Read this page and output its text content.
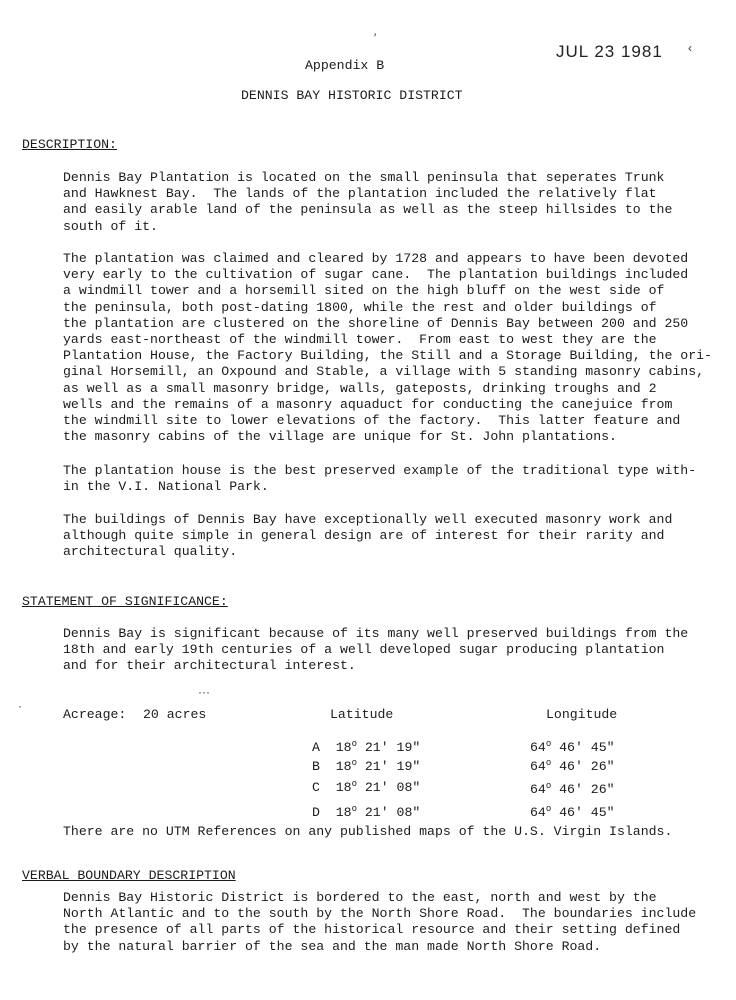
′
‹
JUL 23 1981
Appendix B
DENNIS BAY HISTORIC DISTRICT
DESCRIPTION:
Dennis Bay Plantation is located on the small peninsula that seperates Trunk
and Hawknest Bay.  The lands of the plantation included the relatively flat
and easily arable land of the peninsula as well as the steep hillsides to the
south of it.
The plantation was claimed and cleared by 1728 and appears to have been devoted
very early to the cultivation of sugar cane.  The plantation buildings included
a windmill tower and a horsemill sited on the high bluff on the west side of
the peninsula, both post-dating 1800, while the rest and older buildings of
the plantation are clustered on the shoreline of Dennis Bay between 200 and 250
yards east-northeast of the windmill tower.  From east to west they are the
Plantation House, the Factory Building, the Still and a Storage Building, the ori-
ginal Horsemill, an Oxpound and Stable, a village with 5 standing masonry cabins,
as well as a small masonry bridge, walls, gateposts, drinking troughs and 2
wells and the remains of a masonry aquaduct for conducting the canejuice from
the windmill site to lower elevations of the factory.  This latter feature and
the masonry cabins of the village are unique for St. John plantations.
The plantation house is the best preserved example of the traditional type with-
in the V.I. National Park.
The buildings of Dennis Bay have exceptionally well executed masonry work and
although quite simple in general design are of interest for their rarity and
architectural quality.
STATEMENT OF SIGNIFICANCE:
Dennis Bay is significant because of its many well preserved buildings from the
18th and early 19th centuries of a well developed sugar producing plantation
and for their architectural interest.
···
·
Acreage: 20 acres	Latitude	Longitude
A 18$^o$ 21' 19"	64$^o$ 46' 45"
B 18$^o$ 21' 19"	64$^o$ 46' 26"
C 18$^o$ 21' 08"	64$^o$ 46' 26"
D 18$^o$ 21' 08"	64$^o$ 46' 45"
There are no UTM References on any published maps of the U.S. Virgin Islands.
VERBAL BOUNDARY DESCRIPTION
Dennis Bay Historic District is bordered to the east, north and west by the
North Atlantic and to the south by the North Shore Road.  The boundaries include
the presence of all parts of the historical resource and their setting defined
by the natural barrier of the sea and the man made North Shore Road.
